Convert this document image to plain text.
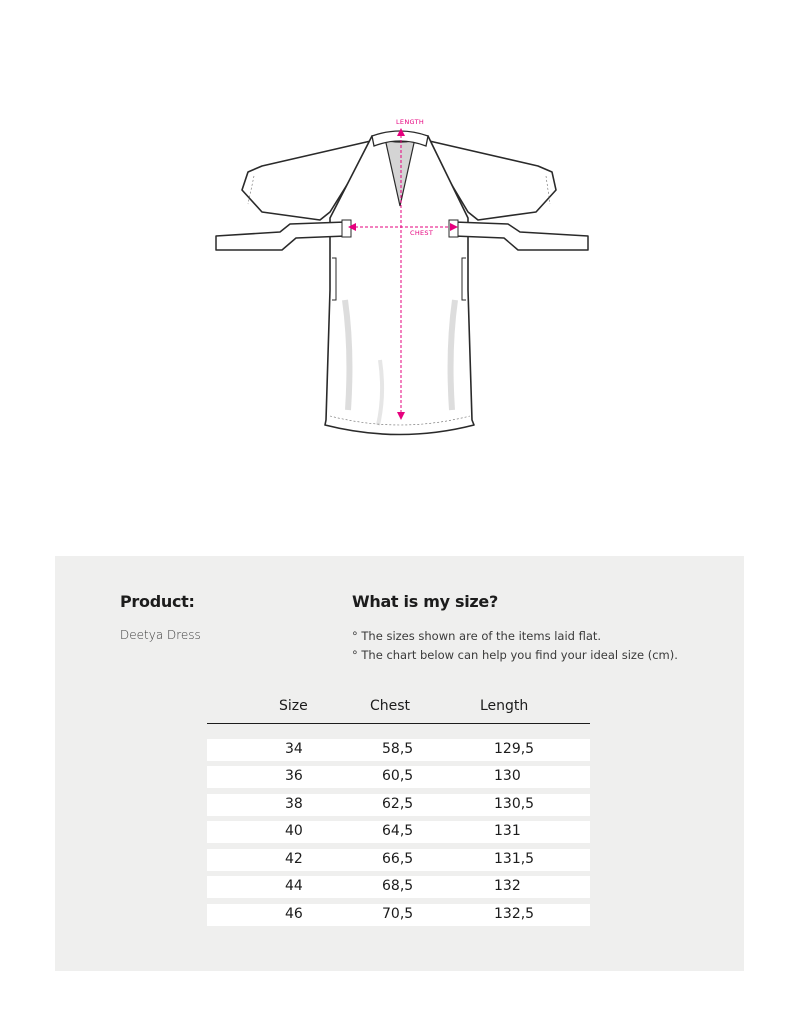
LENGTH
CHEST
Product:
Deetya Dress
What is my size?
° The sizes shown are of the items laid flat.
° The chart below can help you find your ideal size (cm).
Size	Chest	Length
34	58,5	129,5
36	60,5	130
38	62,5	130,5
40	64,5	131
42	66,5	131,5
44	68,5	132
46	70,5	132,5
